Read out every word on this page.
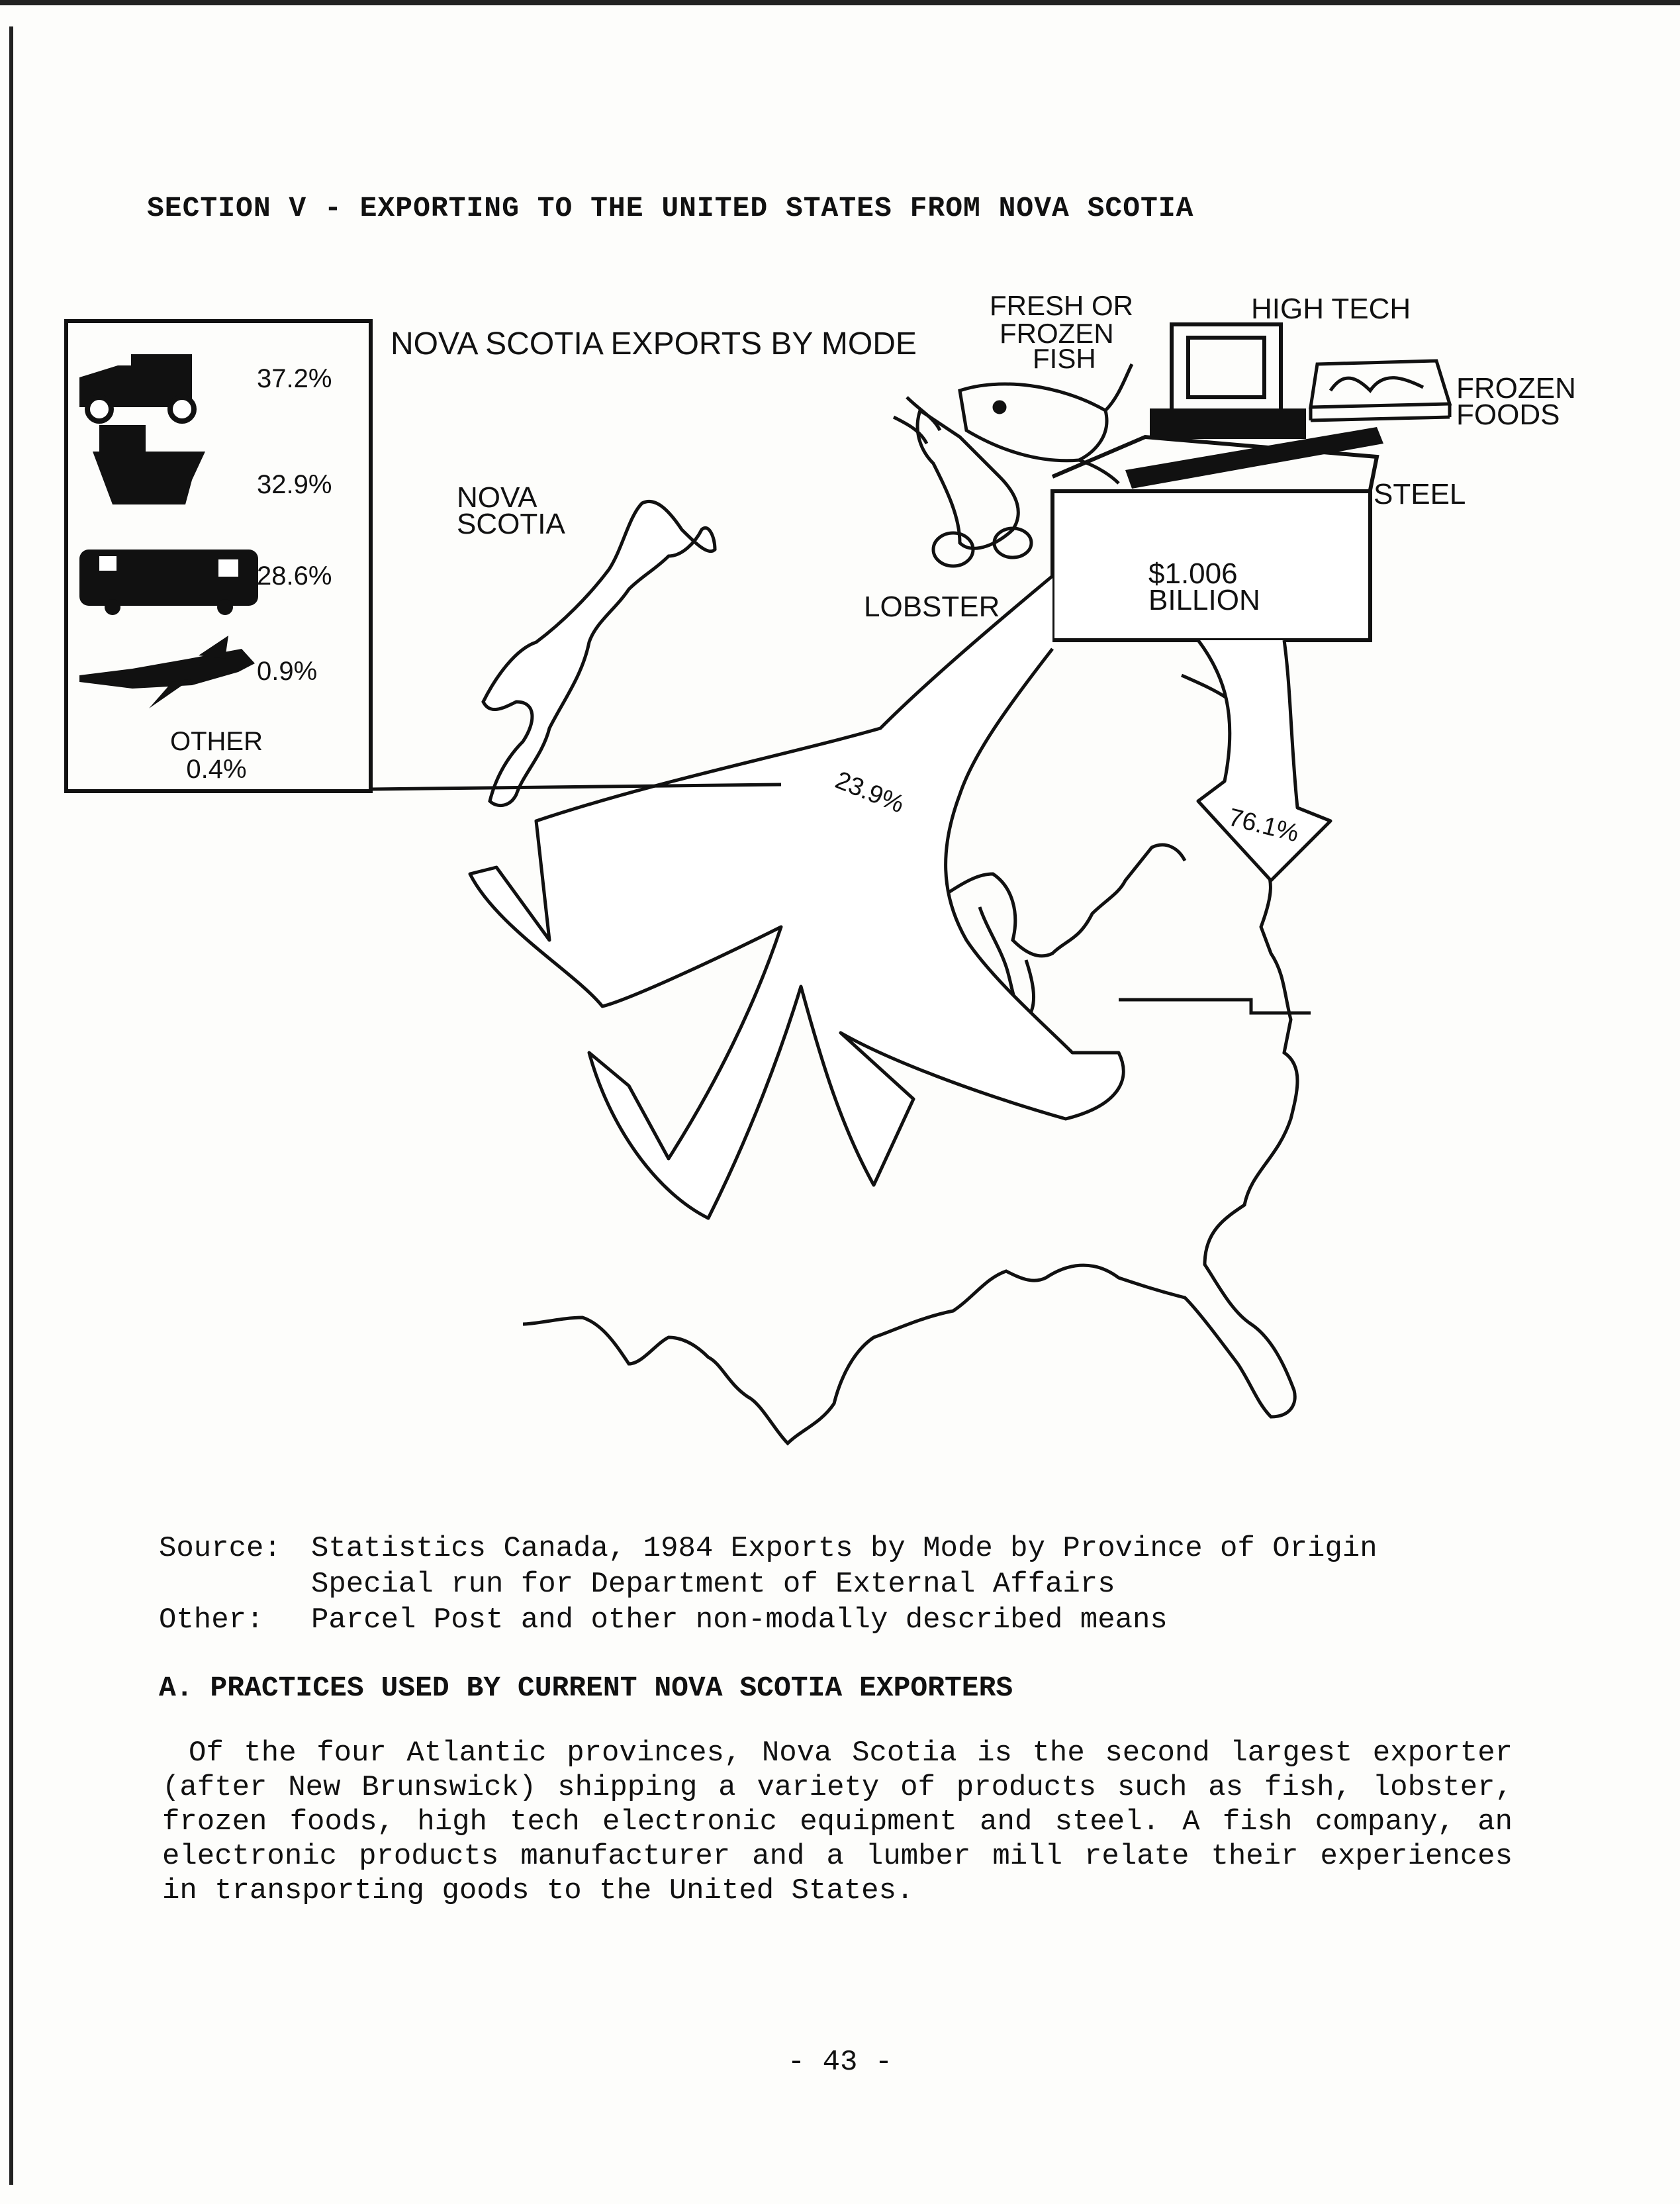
SECTION V - EXPORTING TO THE UNITED STATES FROM NOVA SCOTIA
NOVA SCOTIA EXPORTS BY MODE
37.2%
32.9%
28.6%
0.9%
OTHER
0.4%
NOVA
SCOTIA
FRESH OR
FROZEN
FISH
HIGH TECH
FROZEN
FOODS
STEEL
LOBSTER
$1.006
BILLION
23.9%
76.1%
Source:	Statistics Canada, 1984 Exports by Mode by Province of Origin
Special run for Department of External Affairs
Other:	Parcel Post and other non-modally described means
A. PRACTICES USED BY CURRENT NOVA SCOTIA EXPORTERS

Of the four Atlantic provinces, Nova Scotia is the second largest exporter (after New Brunswick) shipping a variety of products such as fish, lobster, frozen foods, high tech electronic equipment and steel. A fish company, an electronic products manufacturer and a lumber mill relate their experiences in transporting goods to the United States.

- 43 -
